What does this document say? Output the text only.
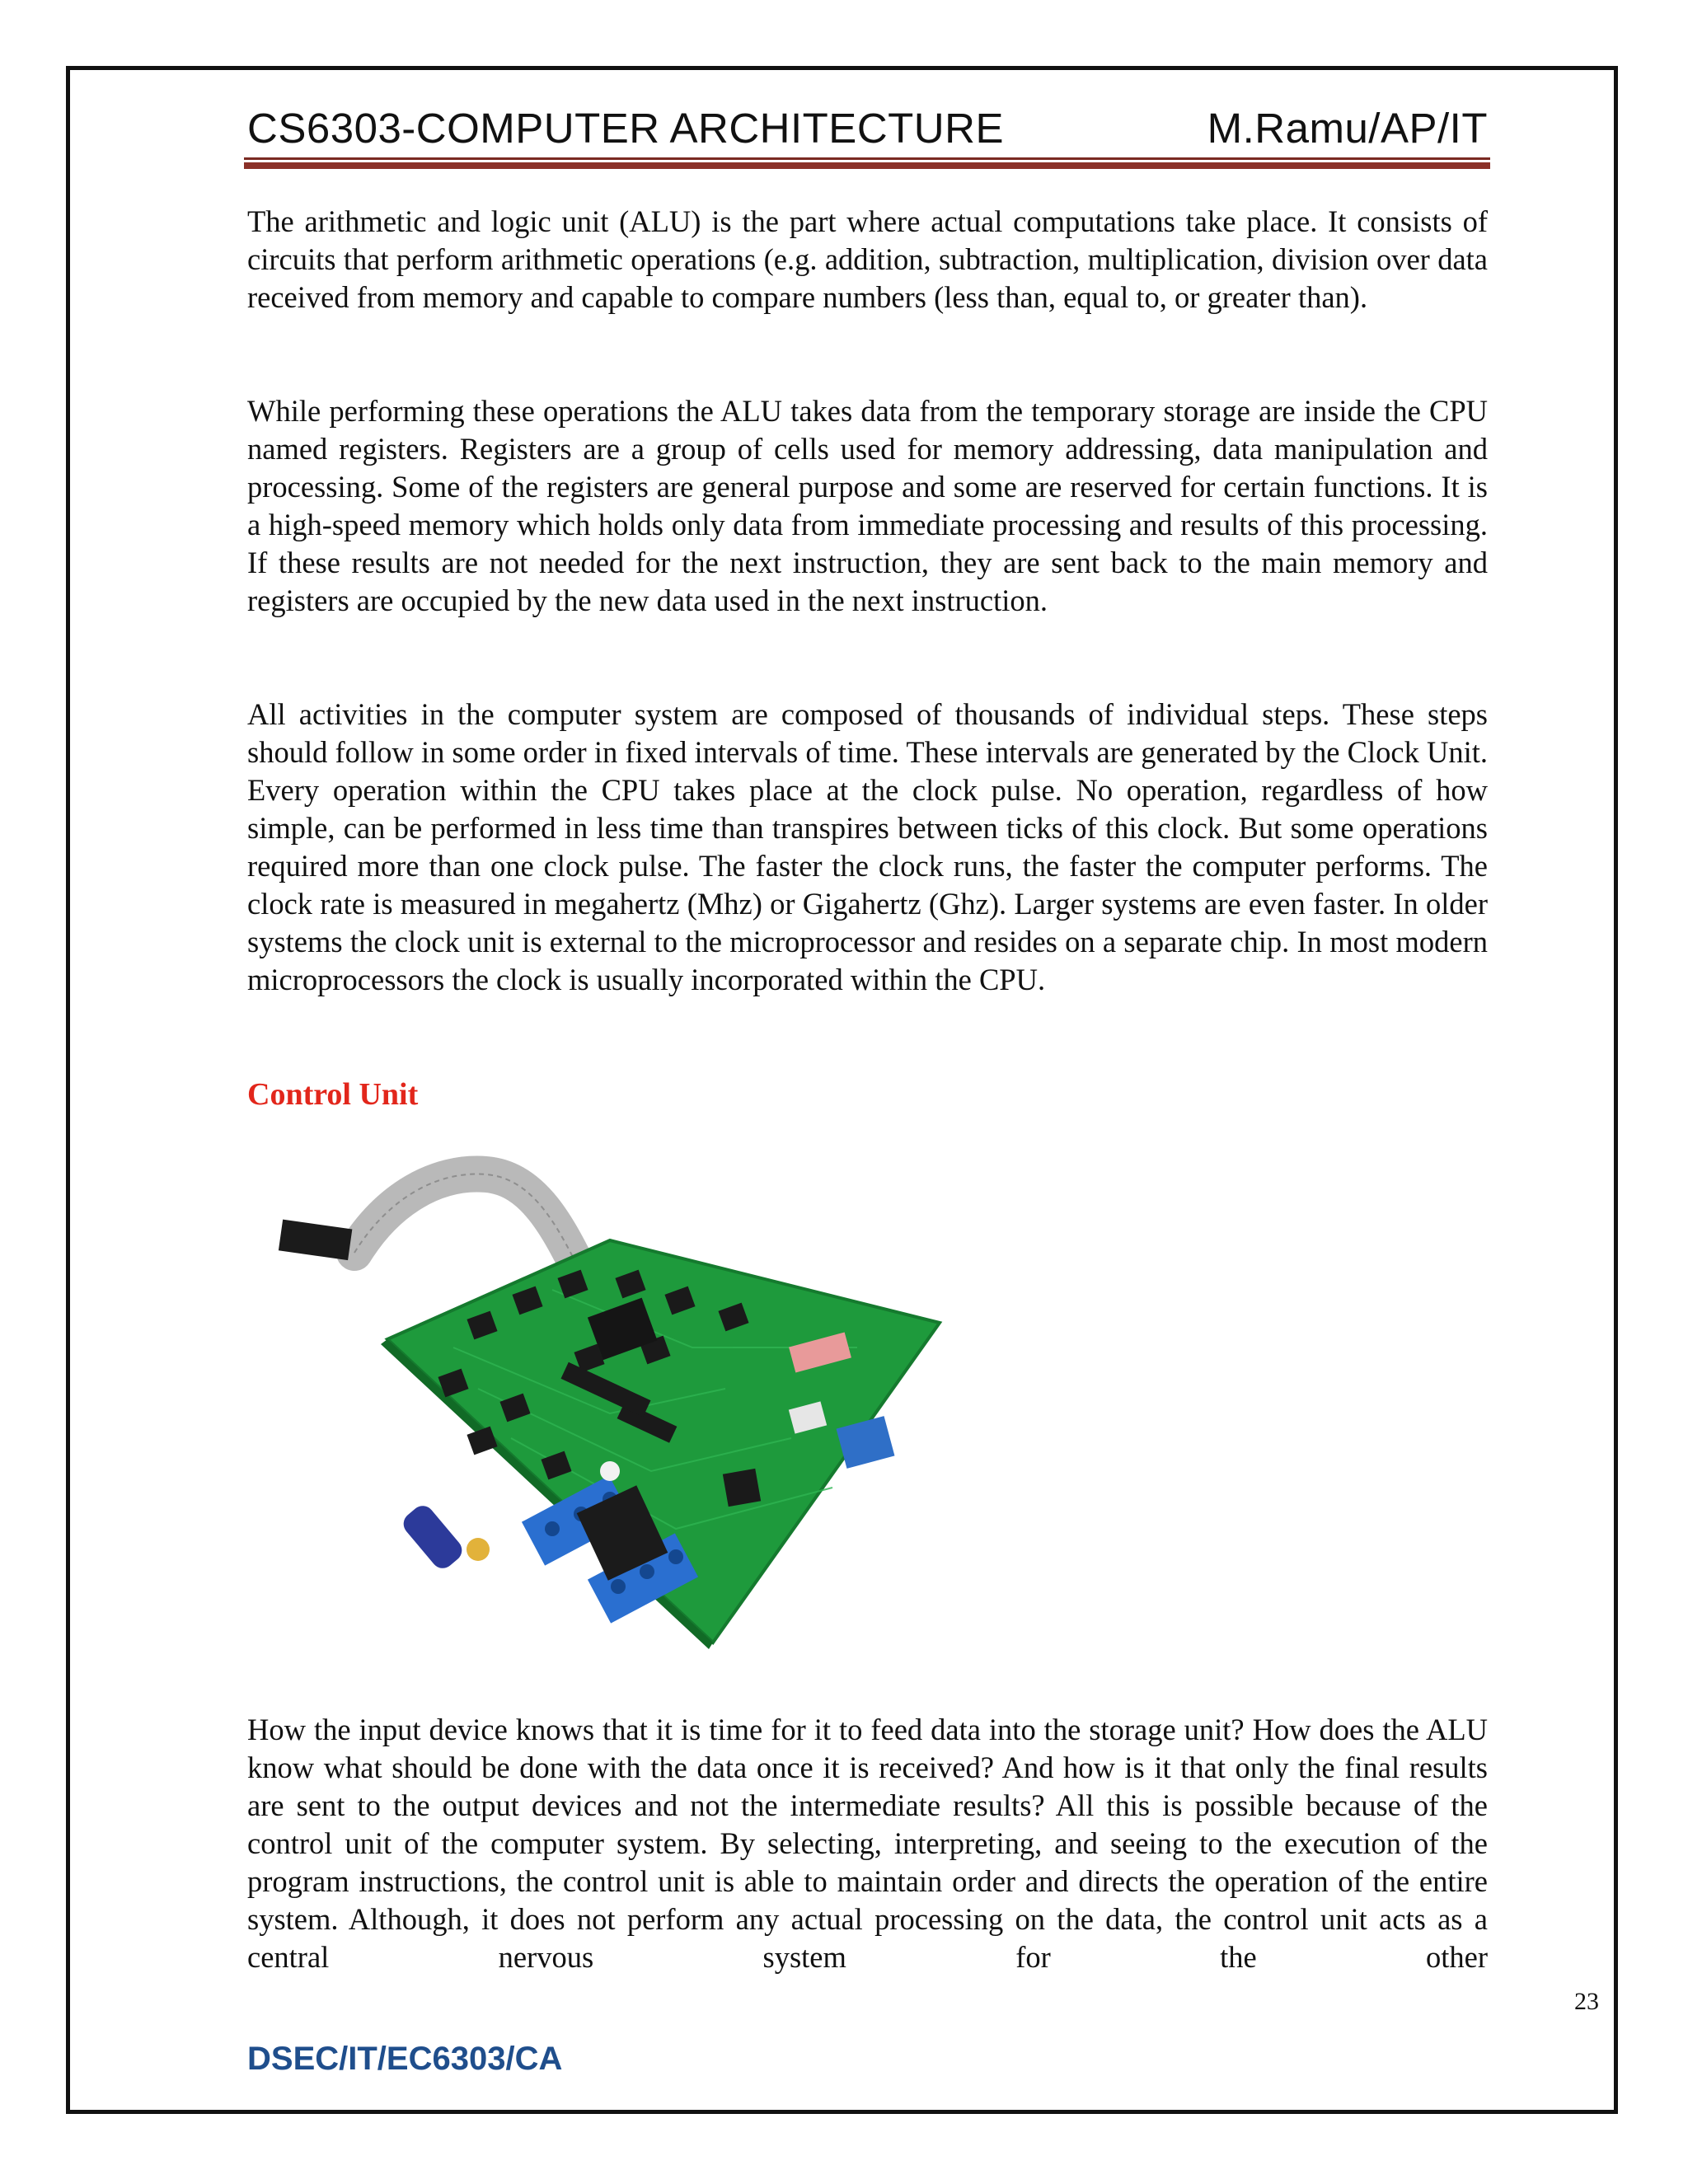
CS6303-COMPUTER ARCHITECTURE	M.Ramu/AP/IT

The arithmetic and logic unit (ALU) is the part where actual computations take place. It consists of circuits that perform arithmetic operations (e.g. addition, subtraction, multiplication, division over data received from memory and capable to compare numbers (less than, equal to, or greater than).

While performing these operations the ALU takes data from the temporary storage are inside the CPU named registers. Registers are a group of cells used for memory addressing, data manipulation and processing. Some of the registers are general purpose and some are reserved for certain functions. It is a high-speed memory which holds only data from immediate processing and results of this processing. If these results are not needed for the next instruction, they are sent back to the main memory and registers are occupied by the new data used in the next instruction.

All activities in the computer system are composed of thousands of individual steps. These steps should follow in some order in fixed intervals of time. These intervals are generated by the Clock Unit. Every operation within the CPU takes place at the clock pulse. No operation, regardless of how simple, can be performed in less time than transpires between ticks of this clock. But some operations required more than one clock pulse. The faster the clock runs, the faster the computer performs. The clock rate is measured in megahertz (Mhz) or Gigahertz (Ghz). Larger systems are even faster. In older systems the clock unit is external to the microprocessor and resides on a separate chip. In most modern microprocessors the clock is usually incorporated within the CPU.

Control Unit

How the input device knows that it is time for it to feed data into the storage unit? How does the ALU know what should be done with the data once it is received? And how is it that only the final results are sent to the output devices and not the intermediate results? All this is possible because of the control unit of the computer system. By selecting, interpreting, and seeing to the execution of the program instructions, the control unit is able to maintain order and directs the operation of the entire system. Although, it does not perform any actual processing on the data, the control unit acts as a central nervous system for the other

23
DSEC/IT/EC6303/CA
